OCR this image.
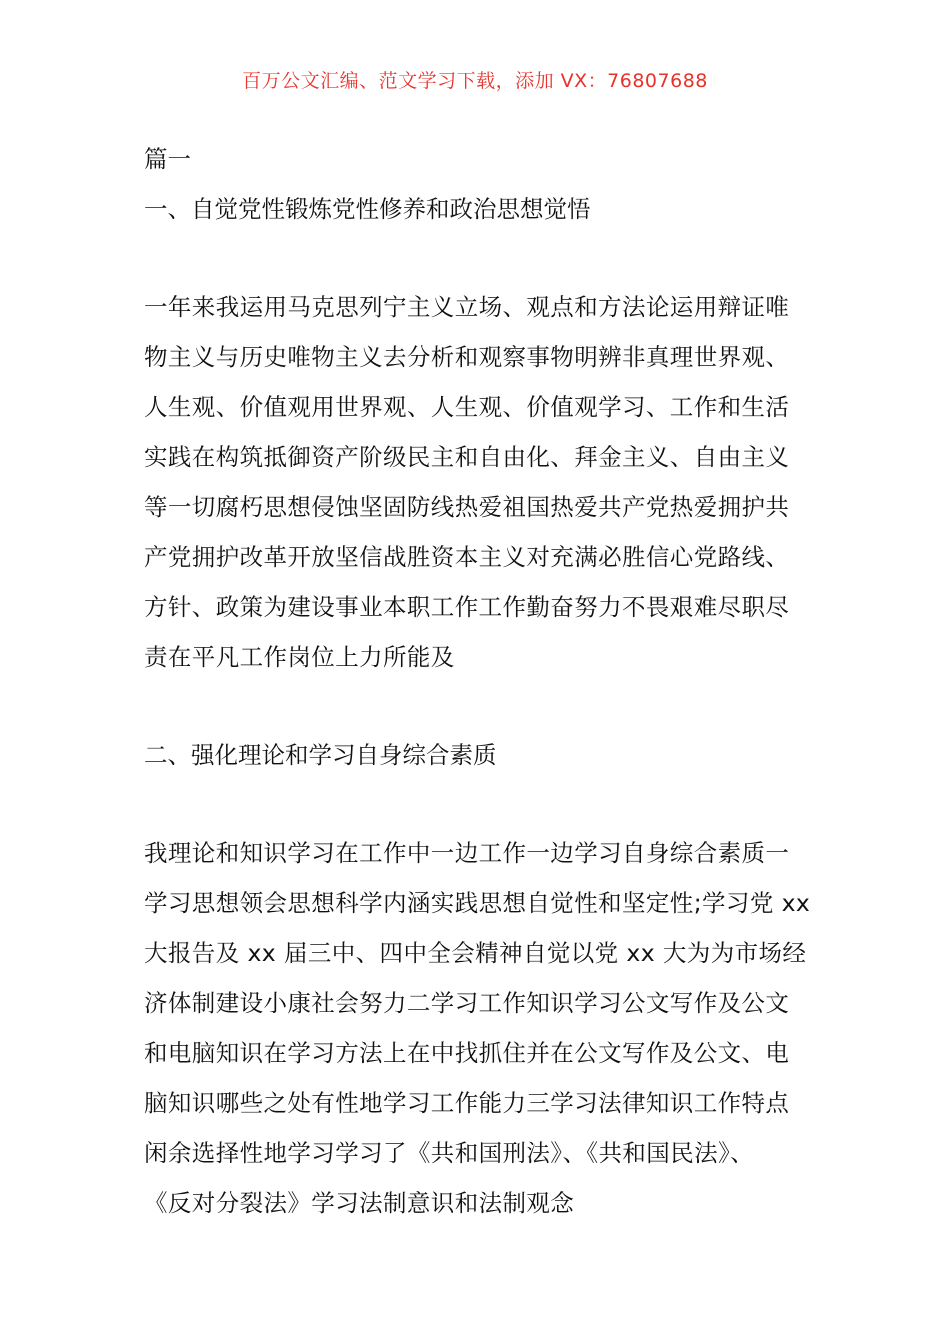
百万公文汇编、范文学习下载，添加 VX：76807688
篇一
一、自觉党性锻炼党性修养和政治思想觉悟
一年来我运用马克思列宁主义立场、观点和方法论运用辩证唯
物主义与历史唯物主义去分析和观察事物明辨非真理世界观、
人生观、价值观用世界观、人生观、价值观学习、工作和生活
实践在构筑抵御资产阶级民主和自由化、拜金主义、自由主义
等一切腐朽思想侵蚀坚固防线热爱祖国热爱共产党热爱拥护共
产党拥护改革开放坚信战胜资本主义对充满必胜信心党路线、
方针、政策为建设事业本职工作工作勤奋努力不畏艰难尽职尽
责在平凡工作岗位上力所能及
二、强化理论和学习自身综合素质
我理论和知识学习在工作中一边工作一边学习自身综合素质一
学习思想领会思想科学内涵实践思想自觉性和坚定性;学习党 xx
大报告及 xx 届三中、四中全会精神自觉以党 xx 大为为市场经
济体制建设小康社会努力二学习工作知识学习公文写作及公文
和电脑知识在学习方法上在中找抓住并在公文写作及公文、电
脑知识哪些之处有性地学习工作能力三学习法律知识工作特点
闲余选择性地学习学习了《共和国刑法》、《共和国民法》、
《反对分裂法》学习法制意识和法制观念
